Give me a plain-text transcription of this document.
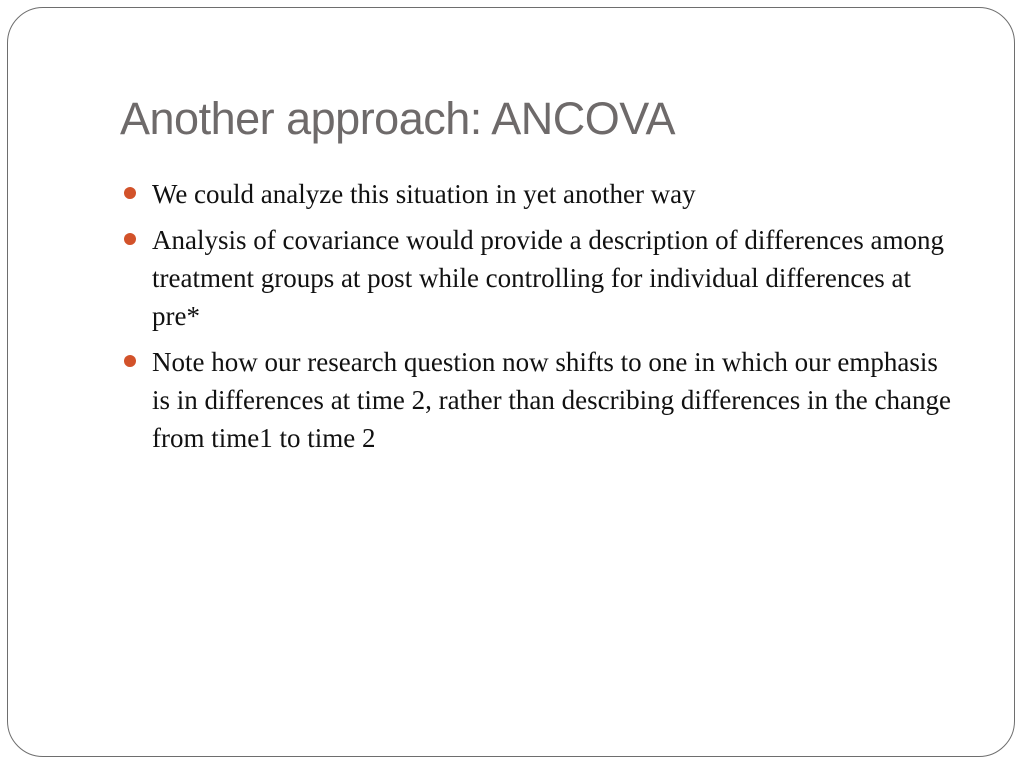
Another approach: ANCOVA
We could analyze this situation in yet another way
Analysis of covariance would provide a description of differences among treatment groups at post while controlling for individual differences at pre*
Note how our research question now shifts to one in which our emphasis is in differences at time 2, rather than describing differences in the change from time1 to time 2
